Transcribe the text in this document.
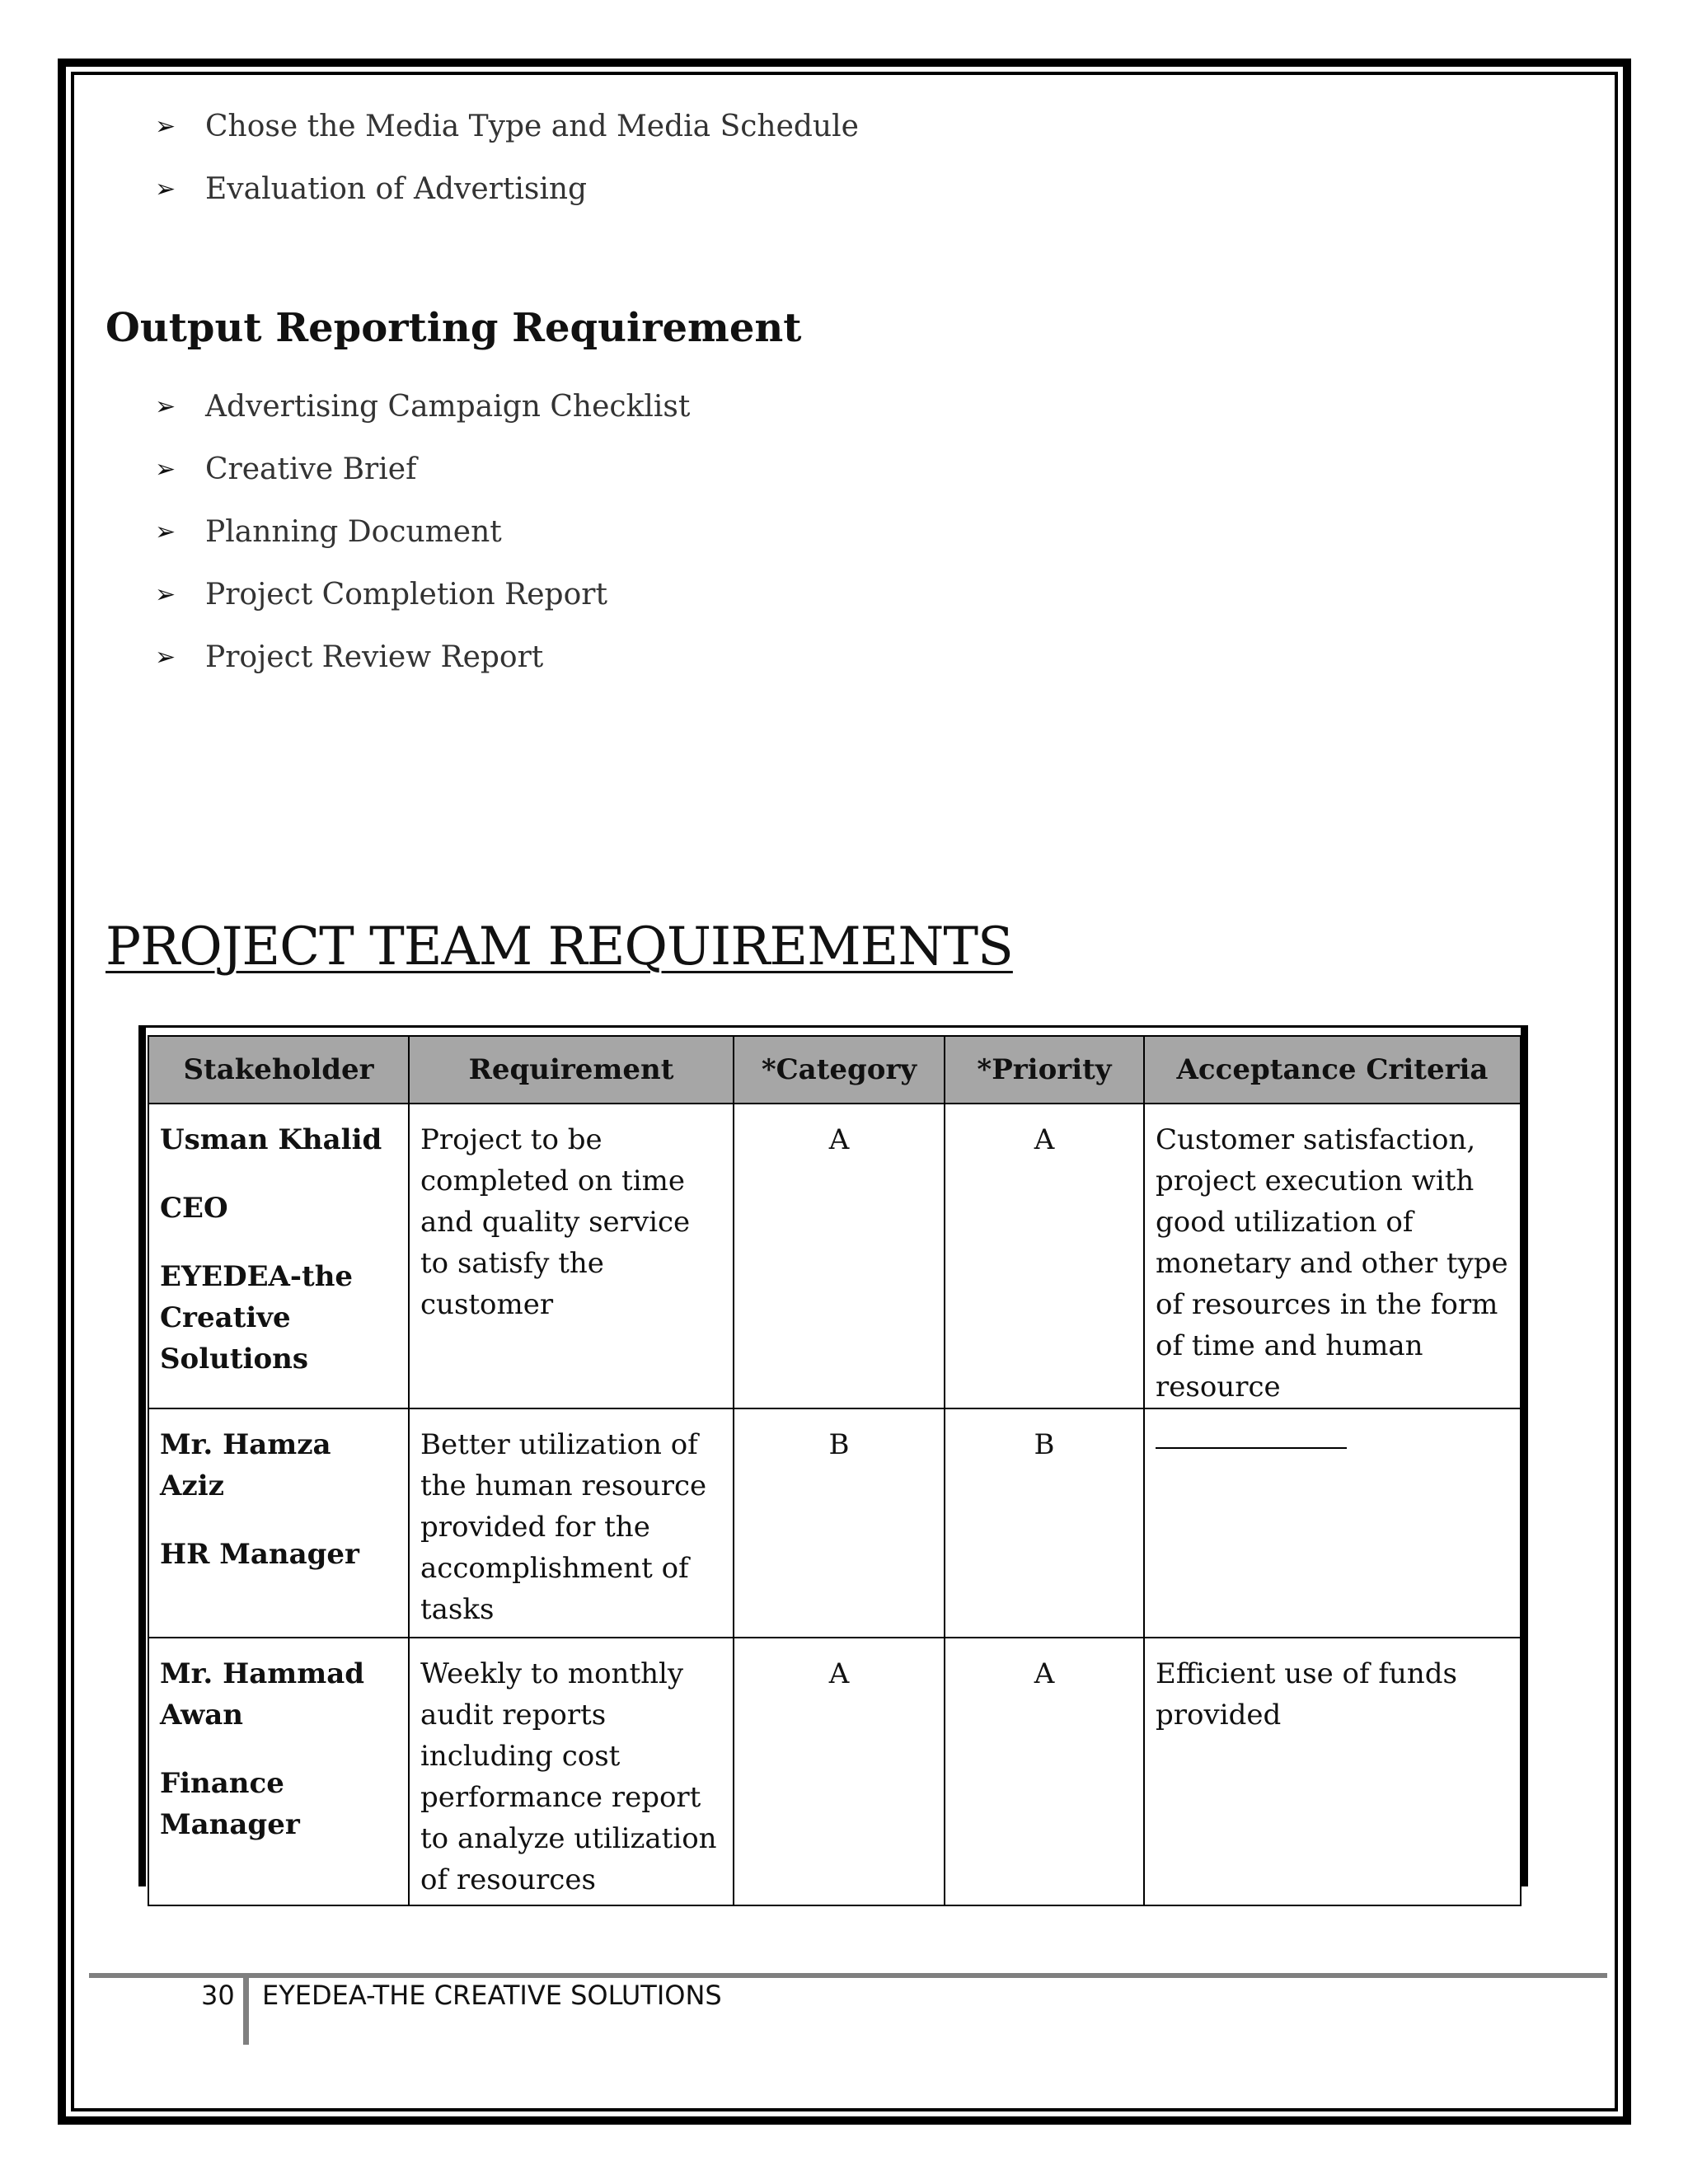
➢ Chose the Media Type and Media Schedule
➢ Evaluation of Advertising
Output Reporting Requirement
➢ Advertising Campaign Checklist
➢ Creative Brief
➢ Planning Document
➢ Project Completion Report
➢ Project Review Report
PROJECT TEAM REQUIREMENTS
Stakeholder	Requirement	*Category	*Priority	Acceptance Criteria

Usman Khalid
CEO
EYEDEA-the
Creative
Solutions	Project to be completed on time and quality service to satisfy the customer	A	A	Customer satisfaction, project execution with good utilization of monetary and other type of resources in the form of time and human resource

Mr. Hamza Aziz
HR Manager	Better utilization of the human resource provided for the accomplishment of tasks	B	B	

Mr. Hammad
Awan
Finance
Manager	Weekly to monthly audit reports including cost performance report to analyze utilization of resources	A	A	Efficient use of funds provided
30 EYEDEA-THE CREATIVE SOLUTIONS
